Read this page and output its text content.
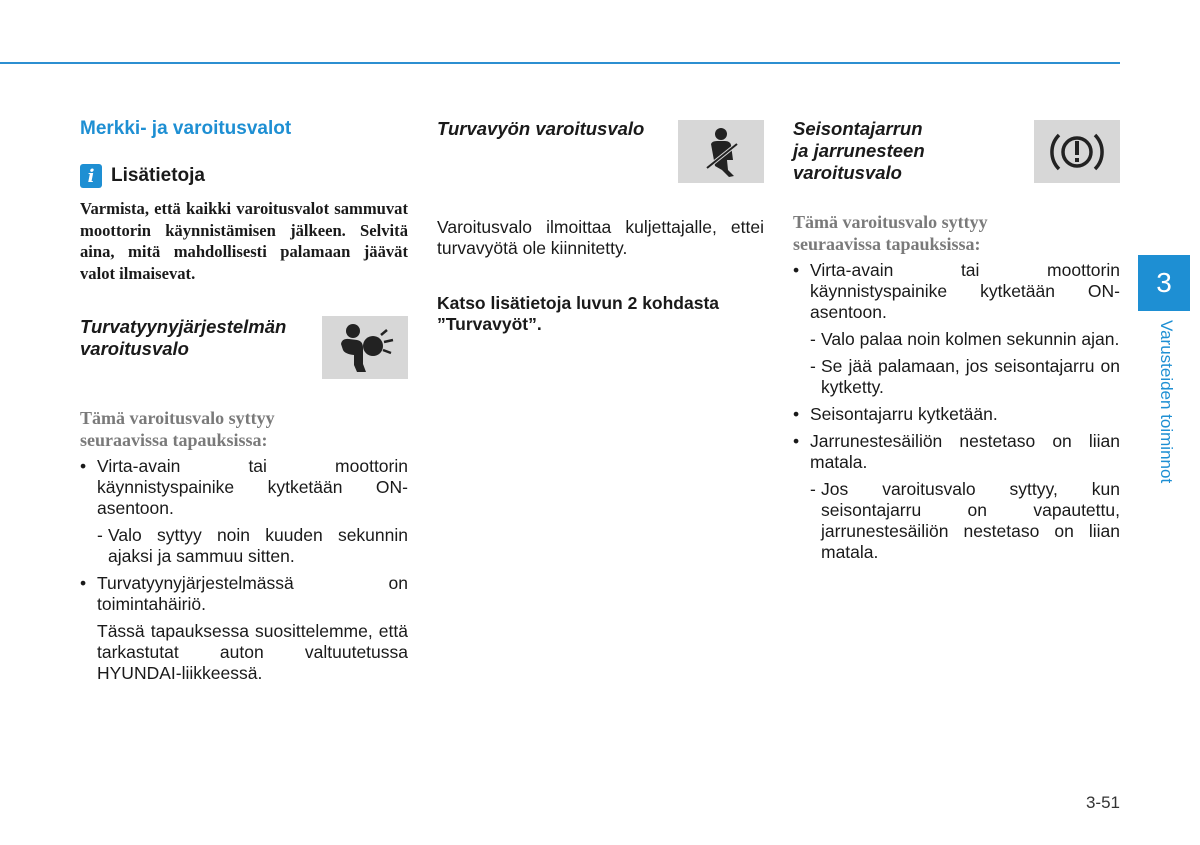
Merkki- ja varoitusvalot
i Lisätietoja

Varmista, että kaikki varoitusvalot sammuvat moottorin käynnistämisen jälkeen. Selvitä aina, mitä mahdollisesti palamaan jäävät valot ilmaisevat.

Turvatyynyjärjestelmän

varoitusvalo

Tämä varoitusvalo syttyy

seuraavissa tapauksissa:

• Virta-avain tai moottorin käynnistyspainike kytketään ON-asentoon.

- Valo syttyy noin kuuden sekunnin ajaksi ja sammuu sitten.

• Turvatyynyjärjestelmässä on toimintahäiriö.

Tässä tapauksessa suosittelemme, että tarkastutat auton valtuutetussa HYUNDAI-liikkeessä.

Turvavyön varoitusvalo

Varoitusvalo ilmoittaa kuljettajalle, ettei turvavyötä ole kiinnitetty.

Katso lisätietoja luvun 2 kohdasta ”Turvavyöt”.

Seisontajarrun

ja jarrunesteen

varoitusvalo

Tämä varoitusvalo syttyy

seuraavissa tapauksissa:

• Virta-avain tai moottorin käynnistyspainike kytketään ON-asentoon.

- Valo palaa noin kolmen sekunnin ajan.

- Se jää palamaan, jos seisontajarru on kytketty.

• Seisontajarru kytketään.
• Jarrunestesäiliön nestetaso on liian matala.

- Jos varoitusvalo syttyy, kun seisontajarru on vapautettu, jarrunestesäiliön nestetaso on liian matala.

3
Varusteiden toiminnot
3-51
